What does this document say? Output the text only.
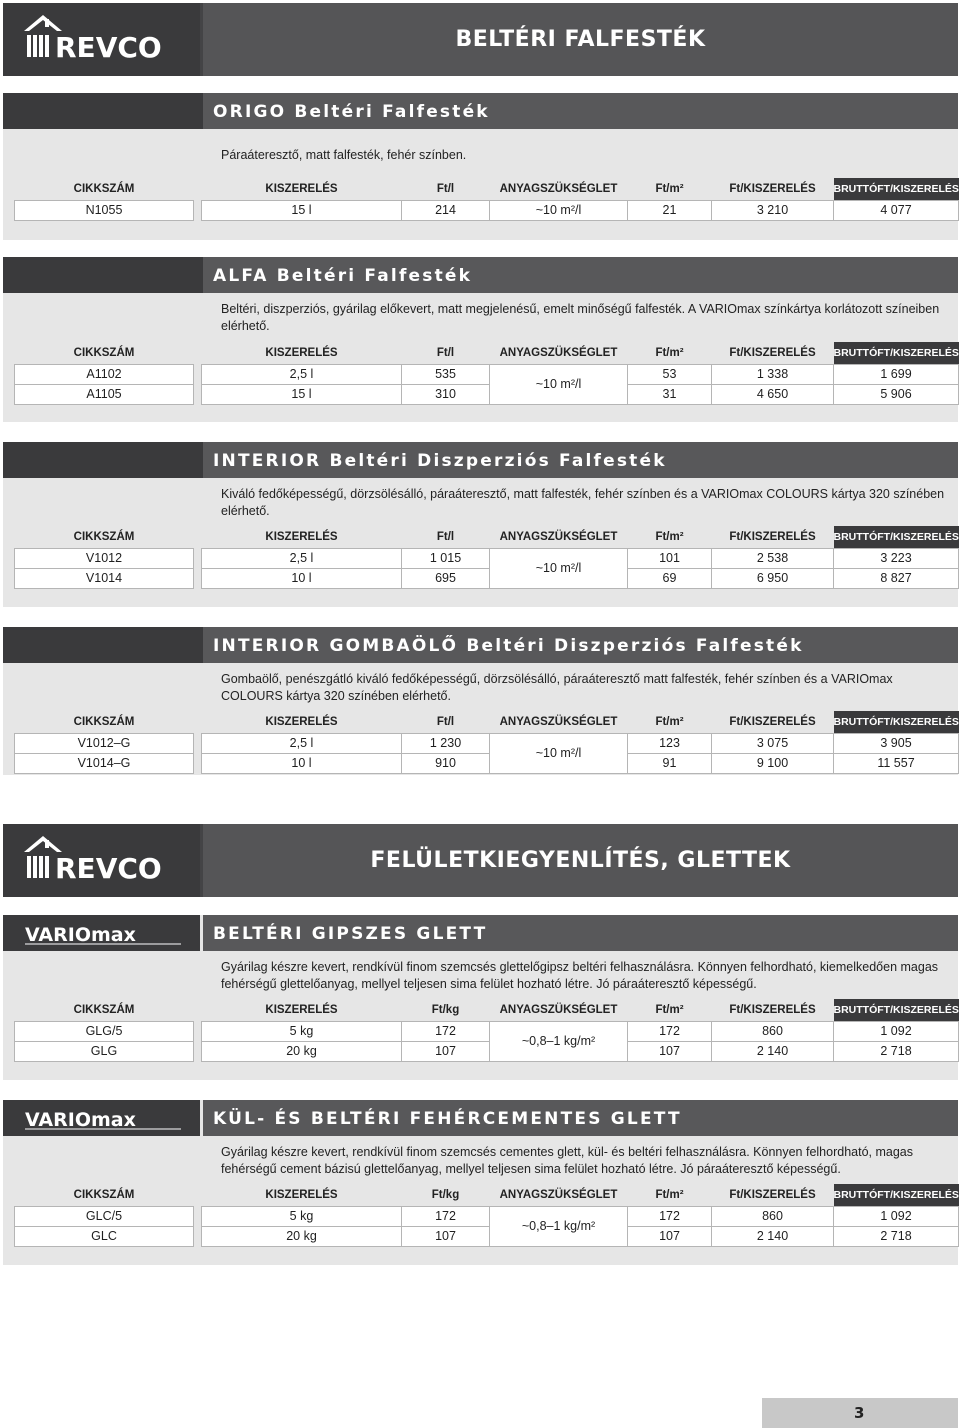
REVCO	BELTÉRI FALFESTÉK
ORIGO Beltéri Falfesték
Páraáteresztő, matt falfesték, fehér színben.
CIKKSZÁM		KISZERELÉS	Ft/l	ANYAGSZÜKSÉGLET	Ft/m²	Ft/KISZERELÉS	BRUTTÓFT/KISZERELÉS
N1055		15 l	214	~10 m²/l	21	3 210	4 077
ALFA Beltéri Falfesték
Beltéri, diszperziós, gyárilag előkevert, matt megjelenésű, emelt minőségű falfesték. A VARIOmax színkártya korlátozott színeiben elérhető.
CIKKSZÁM		KISZERELÉS	Ft/l	ANYAGSZÜKSÉGLET	Ft/m²	Ft/KISZERELÉS	BRUTTÓFT/KISZERELÉS
A1102		2,5 l	535	~10 m²/l	53	1 338	1 699
A1105		15 l	310		31	4 650	5 906
INTERIOR Beltéri Diszperziós Falfesték
Kiváló fedőképességű, dörzsölésálló, páraáteresztő, matt falfesték, fehér színben és a VARIOmax COLOURS kártya 320 színében elérhető.
CIKKSZÁM		KISZERELÉS	Ft/l	ANYAGSZÜKSÉGLET	Ft/m²	Ft/KISZERELÉS	BRUTTÓFT/KISZERELÉS
V1012		2,5 l	1 015	~10 m²/l	101	2 538	3 223
V1014		10 l	695		69	6 950	8 827
INTERIOR GOMBAÖLŐ Beltéri Diszperziós Falfesték
Gombaölő, penészgátló kiváló fedőképességű, dörzsölésálló, páraáteresztő matt falfesték, fehér színben és a VARIOmax COLOURS kártya 320 színében elérhető.
CIKKSZÁM		KISZERELÉS	Ft/l	ANYAGSZÜKSÉGLET	Ft/m²	Ft/KISZERELÉS	BRUTTÓFT/KISZERELÉS
V1012–G		2,5 l	1 230	~10 m²/l	123	3 075	3 905
V1014–G		10 l	910		91	9 100	11 557
REVCO	FELÜLETKIEGYENLÍTÉS, GLETTEK
VARIOmax	BELTÉRI GIPSZES GLETT
Gyárilag készre kevert, rendkívül finom szemcsés glettelőgipsz beltéri felhasználásra. Könnyen felhordható, kiemelkedően magas fehérségű glettelőanyag, mellyel teljesen sima felület hozható létre. Jó páraáteresztő képességű.
CIKKSZÁM		KISZERELÉS	Ft/kg	ANYAGSZÜKSÉGLET	Ft/m²	Ft/KISZERELÉS	BRUTTÓFT/KISZERELÉS
GLG/5		5 kg	172	~0,8–1 kg/m²	172	860	1 092
GLG		20 kg	107		107	2 140	2 718
VARIOmax	KÜL- ÉS BELTÉRI FEHÉRCEMENTES GLETT
Gyárilag készre kevert, rendkívül finom szemcsés cementes glett, kül- és beltéri felhasználásra. Könnyen felhordható, magas fehérségű cement bázisú glettelőanyag, mellyel teljesen sima felület hozható létre. Jó páraáteresztő képességű.
CIKKSZÁM		KISZERELÉS	Ft/kg	ANYAGSZÜKSÉGLET	Ft/m²	Ft/KISZERELÉS	BRUTTÓFT/KISZERELÉS
GLC/5		5 kg	172	~0,8–1 kg/m²	172	860	1 092
GLC		20 kg	107		107	2 140	2 718
3
